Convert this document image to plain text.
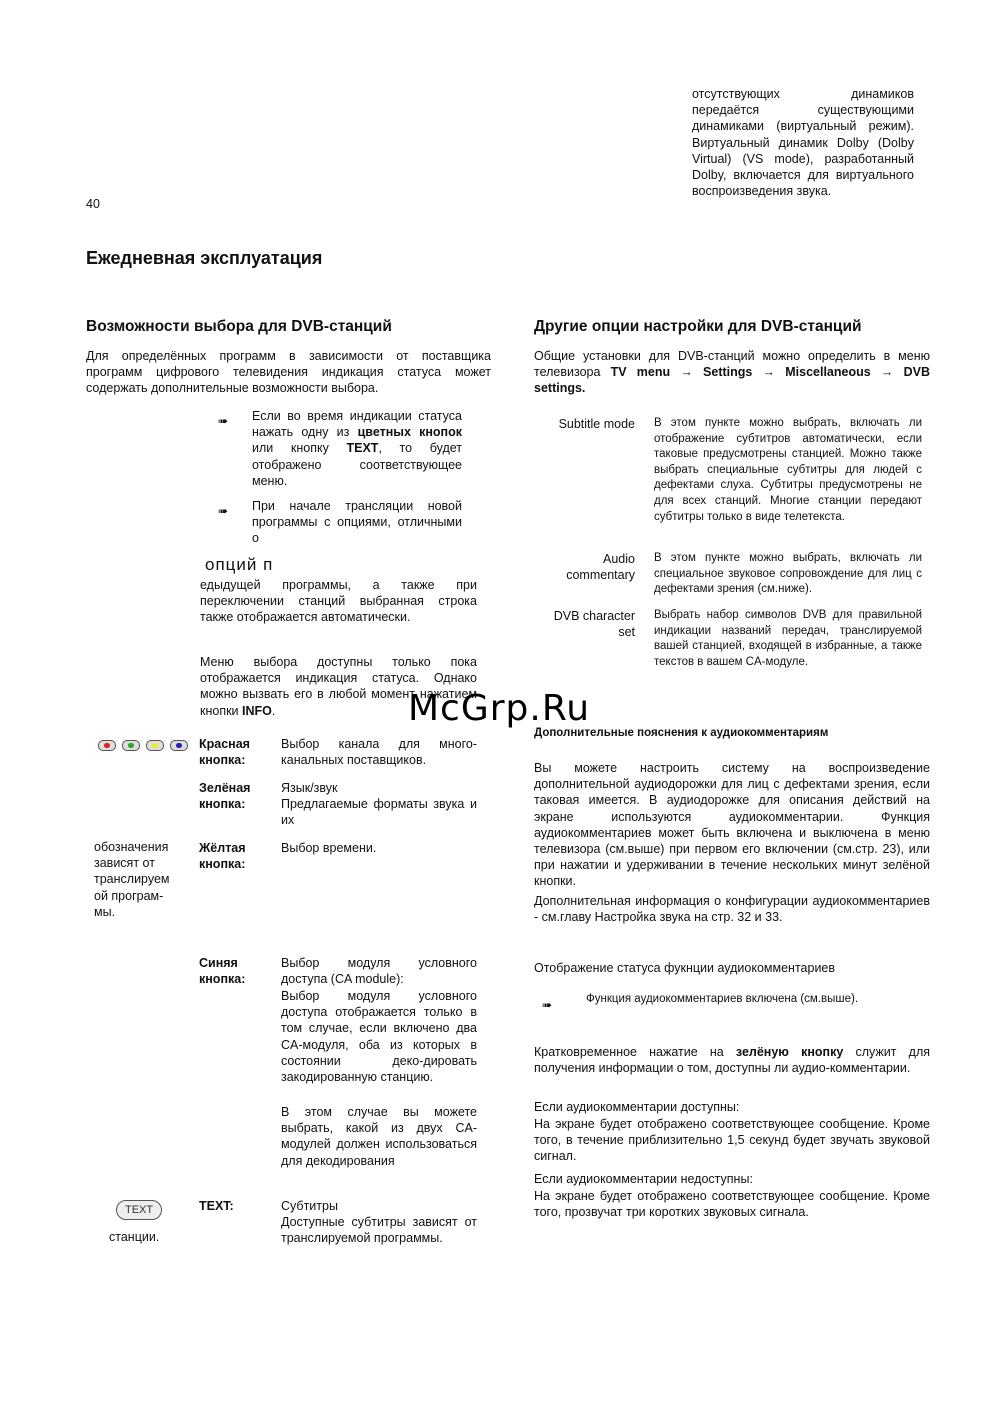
40

отсутствующих динамиков передаётся существующими динамиками (виртуальный режим). Виртуальный динамик Dolby (Dolby Virtual) (VS mode), разработанный Dolby, включается для виртуального воспроизведения звука.

Ежедневная эксплуатация
Возможности выбора для DVB-станций

Для определённых программ в зависимости от поставщика программ цифрового телевидения индикация статуса может содержать дополнительные возможности выбора.

➠ Если во время индикации статуса нажать одну из цветных кнопок или кнопку TEXT, то будет отображено соответствующее меню.

➠ При начале трансляции новой программы с опциями, отличными о

опций п

едыдущей программы, а также при переключении станций выбранная строка также отображается автоматически.

Меню выбора доступны только пока отображается индикация статуса. Однако можно вызвать его в любой момент нажатием кнопки INFO.

обозначения зависят от транслируем ой програм-мы.

TEXT
станции.

Красная кнопка:

Выбор канала для много-канальных поставщиков.

Зелёная кнопка:

Язык/звук

Предлагаемые форматы звука и их

Жёлтая кнопка:

Выбор времени.

Синяя кнопка:

Выбор модуля условного доступа (CA module):

Выбор модуля условного доступа отображается только в том случае, если включено два CA-модуля, оба из которых в состоянии деко-дировать закодированную станцию.

В этом случае вы можете выбрать, какой из двух CA-модулей должен использоваться для декодирования

TEXT:	Субтитры

Доступные субтитры зависят от транслируемой программы.

Другие опции настройки для DVB-станций

Общие установки для DVB-станций можно определить в меню телевизора TV menu → Settings → Miscellaneous → DVB settings.

Subtitle mode В этом пункте можно выбрать, включать ли отображение субтитров автоматически, если таковые предусмотрены станцией. Можно также выбрать специальные субтитры для людей с дефектами слуха. Субтитры предусмотрены не для всех станций. Многие станции передают субтитры только в виде телетекста.

Audio commentary

В этом пункте можно выбрать, включать ли специальное звуковое сопровождение для лиц с дефектами зрения (см.ниже).

DVB character set

Выбрать набор символов DVB для правильной индикации названий передач, транслируемой вашей станцией, входящей в избранные, а также текстов в вашем CA-модуле.

Дополнительные пояснения к аудиокомментариям

Вы можете настроить систему на воспроизведение дополнительной аудиодорожки для лиц с дефектами зрения, если таковая имеется. В аудиодорожке для описания действий на экране используются аудиокомментарии. Функция аудиокомментариев может быть включена и выключена в меню телевизора (см.выше) при первом его включении (см.стр. 23), или при нажатии и удерживании в течение нескольких минут зелёной кнопки.

Дополнительная информация о конфигурации аудиокомментариев - см.главу Настройка звука на стр. 32 и 33.

Отображение статуса фукнции аудиокомментариев

➠	Функция аудиокомментариев включена (см.выше).

Кратковременное нажатие на зелёную кнопку служит для получения информации о том, доступны ли аудио-комментарии.

Если аудиокомментарии доступны:

На экране будет отображено соответствующее сообщение. Кроме того, в течение приблизительно 1,5 секунд будет звучать звуковой сигнал.

Если аудиокомментарии недоступны:

На экране будет отображено соответствующее сообщение. Кроме того, прозвучат три коротких звуковых сигнала.

McGrp.Ru
